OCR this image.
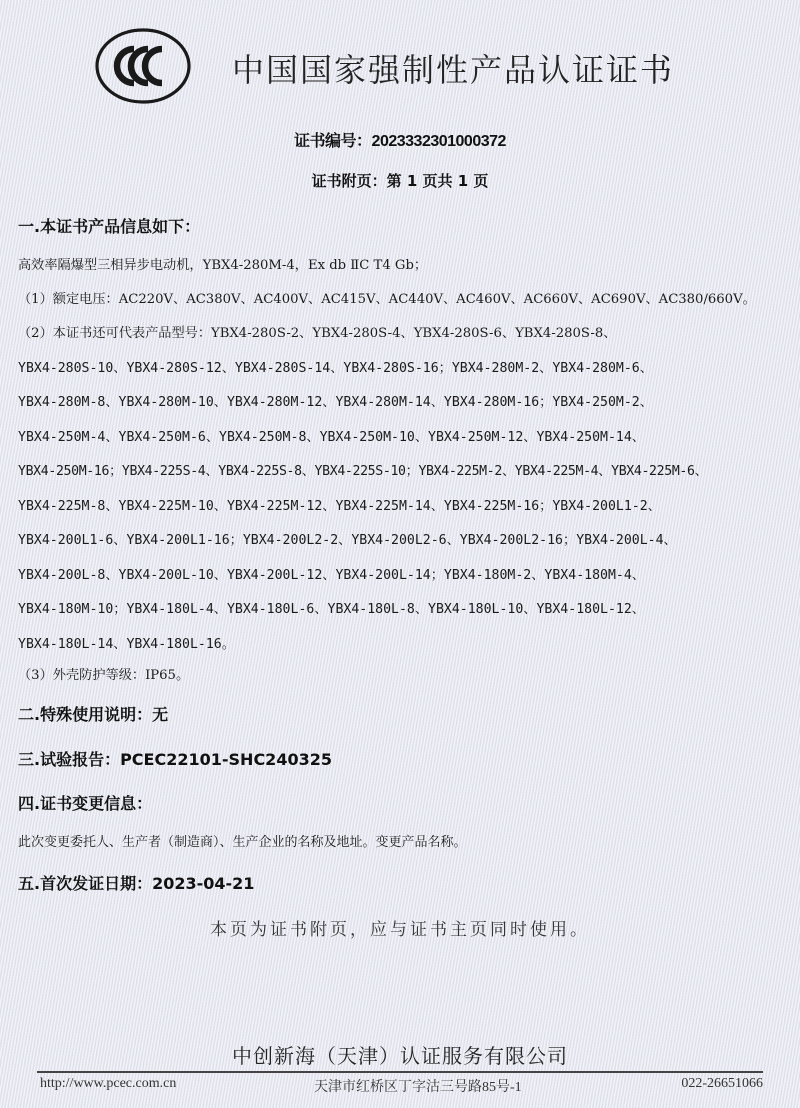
中国国家强制性产品认证证书
证书编号：2023332301000372
证书附页：第 1 页共 1 页
一.本证书产品信息如下：
高效率隔爆型三相异步电动机，YBX4-280M-4，Ex db ⅡC T4 Gb；
（1）额定电压：AC220V、AC380V、AC400V、AC415V、AC440V、AC460V、AC660V、AC690V、AC380/660V。
（2）本证书还可代表产品型号：YBX4-280S-2、YBX4-280S-4、YBX4-280S-6、YBX4-280S-8、
YBX4-280S-10、YBX4-280S-12、YBX4-280S-14、YBX4-280S-16；YBX4-280M-2、YBX4-280M-6、
YBX4-280M-8、YBX4-280M-10、YBX4-280M-12、YBX4-280M-14、YBX4-280M-16；YBX4-250M-2、
YBX4-250M-4、YBX4-250M-6、YBX4-250M-8、YBX4-250M-10、YBX4-250M-12、YBX4-250M-14、
YBX4-250M-16；YBX4-225S-4、YBX4-225S-8、YBX4-225S-10；YBX4-225M-2、YBX4-225M-4、YBX4-225M-6、
YBX4-225M-8、YBX4-225M-10、YBX4-225M-12、YBX4-225M-14、YBX4-225M-16；YBX4-200L1-2、
YBX4-200L1-6、YBX4-200L1-16；YBX4-200L2-2、YBX4-200L2-6、YBX4-200L2-16；YBX4-200L-4、
YBX4-200L-8、YBX4-200L-10、YBX4-200L-12、YBX4-200L-14；YBX4-180M-2、YBX4-180M-4、
YBX4-180M-10；YBX4-180L-4、YBX4-180L-6、YBX4-180L-8、YBX4-180L-10、YBX4-180L-12、
YBX4-180L-14、YBX4-180L-16。
（3）外壳防护等级：IP65。
二.特殊使用说明：无
三.试验报告：PCEC22101-SHC240325
四.证书变更信息：
此次变更委托人、生产者（制造商）、生产企业的名称及地址。变更产品名称。
五.首次发证日期：2023-04-21
本页为证书附页，应与证书主页同时使用。
中创新海（天津）认证服务有限公司
http://www.pcec.com.cn	天津市红桥区丁字沽三号路85号-1	022-26651066
